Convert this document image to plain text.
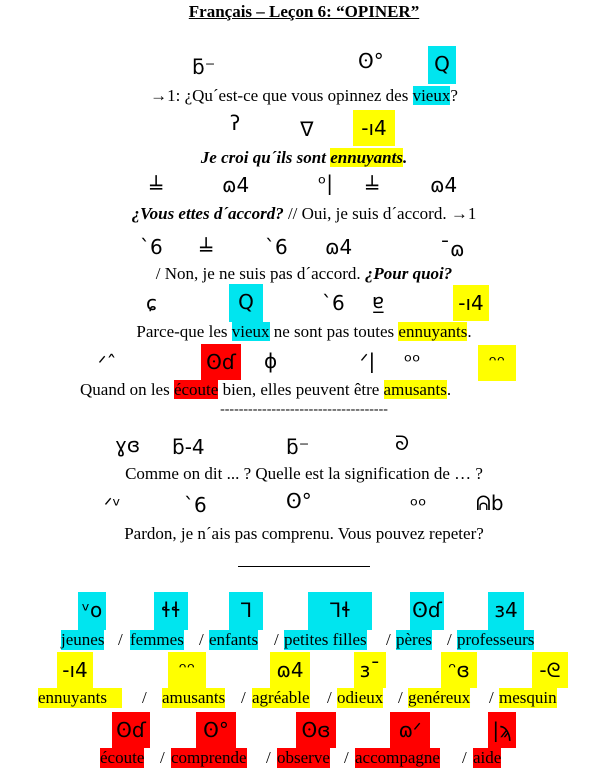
Français – Leçon 6: “OPINER”
ƃ⁻	ʘ°	Q
→1: ¿Qu´est-ce que vous opinnez des vieux?
ʔ	ᐁ	-ı4
Je croi qu´ils sont ennuyants.
╧	ɷ4	ᵒ| ╧	ɷ4
¿Vous ettes d´accord? // Oui, je suis d´accord. →1
ˋ6 ╧	ˋ6 ɷ4	ˉɷ
/ Non, je ne suis pas d´accord. ¿Pour quoi?
ɕ	Q	ˋ6 ɐ̲	-ı4
Parce-que les vieux ne sont pas toutes ennuyants.
ᐟˆ	ʘɗ ɸ	ᐟ| ᵒᵒ	ᵔᵔ
Quand on les écoute bien, elles peuvent être amusants.
------------------------------------
ɣɞ ƃ-4	ƃ⁻	ᘐ
Comme on dit ... ? Quelle est la signification de … ?
ᐟᵛ	ˋ6	ʘ°	ᵒᵒ ᕱb
Pardon, je n´ais pas comprenu. Vous pouvez repeter?
ᵛo	ɬɬ	ᒣ	ᒣɬ	ʘɗ	ɜ4
jeunes / femmes / enfants / petites filles / pères / professeurs
-ı4	ᵔᵔ	ɷ4	ɜˉ	ᵔɞ	-ᘓ
ennuyants	/ amusants / agréable / odieux / genéreux / mesquin
ʘɗ	ʘ°	ʘɞ	ɷᐟ	|ϡ
écoute / comprende / observe / accompagne / aide
